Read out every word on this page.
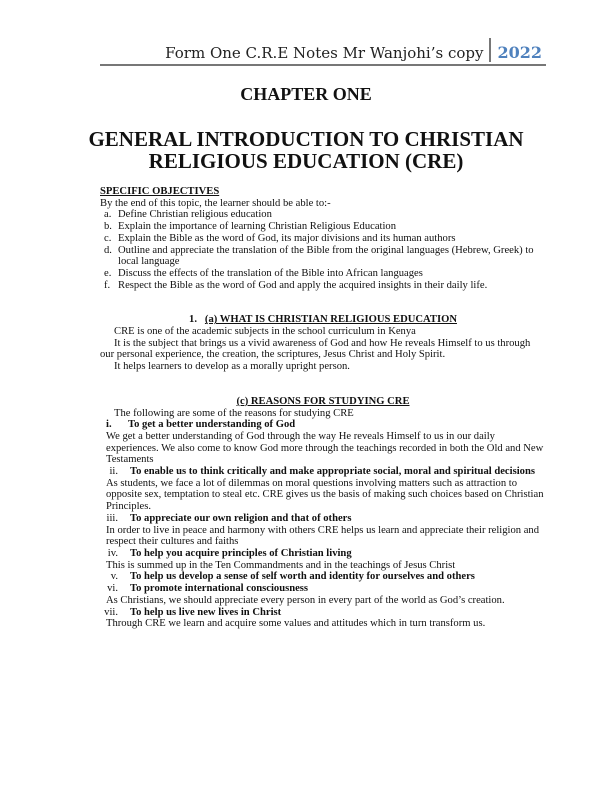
Form One C.R.E Notes Mr Wanjohi’s copy 2022
CHAPTER ONE
GENERAL INTRODUCTION TO CHRISTIAN
RELIGIOUS EDUCATION (CRE)
SPECIFIC OBJECTIVES
By the end of this topic, the learner should be able to:-
a. Define Christian religious education
b. Explain the importance of learning Christian Religious Education
c. Explain the Bible as the word of God, its major divisions and its human authors
d. Outline and appreciate the translation of the Bible from the original languages (Hebrew, Greek) to local language
e. Discuss the effects of the translation of the Bible into African languages
f. Respect the Bible as the word of God and apply the acquired insights in their daily life.
1. (a) WHAT IS CHRISTIAN RELIGIOUS EDUCATION
CRE is one of the academic subjects in the school curriculum in Kenya
It is the subject that brings us a vivid awareness of God and how He reveals Himself to us through our personal experience, the creation, the scriptures, Jesus Christ and Holy Spirit.
It helps learners to develop as a morally upright person.
(c) REASONS FOR STUDYING CRE
The following are some of the reasons for studying CRE
i.	To get a better understanding of God
We get a better understanding of God through the way He reveals Himself to us in our daily experiences. We also come to know God more through the teachings recorded in both the Old and New Testaments
ii.	To enable us to think critically and make appropriate social, moral and spiritual decisions
As students, we face a lot of dilemmas on moral questions involving matters such as attraction to opposite sex, temptation to steal etc. CRE gives us the basis of making such choices based on Christian Principles.
iii.	To appreciate our own religion and that of others
In order to live in peace and harmony with others CRE helps us learn and appreciate their religion and respect their cultures and faiths
iv.	To help you acquire principles of Christian living
This is summed up in the Ten Commandments and in the teachings of Jesus Christ
v.	To help us develop a sense of self worth and identity for ourselves and others
vi.	To promote international consciousness
As Christians, we should appreciate every person in every part of the world as God’s creation.
vii.	To help us live new lives in Christ
Through CRE we learn and acquire some values and attitudes which in turn transform us.
